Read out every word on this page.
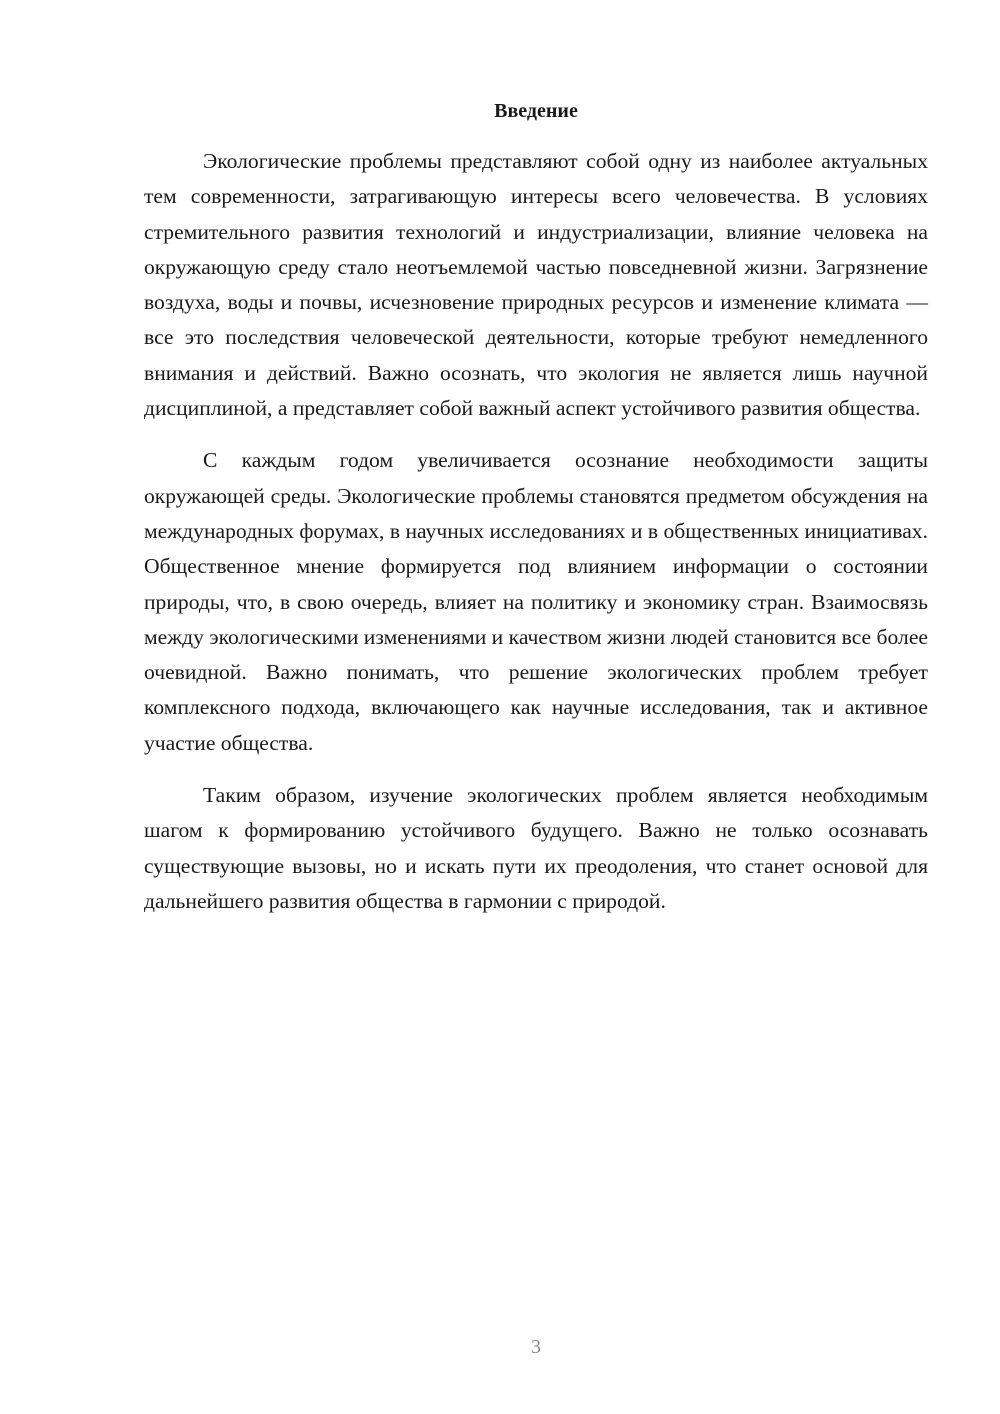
Введение

Экологические проблемы представляют собой одну из наиболее актуальных тем современности, затрагивающую интересы всего человечества. В условиях стремительного развития технологий и индустриализации, влияние человека на окружающую среду стало неотъемлемой частью повседневной жизни. Загрязнение воздуха, воды и почвы, исчезновение природных ресурсов и изменение климата — все это последствия человеческой деятельности, которые требуют немедленного внимания и действий. Важно осознать, что экология не является лишь научной дисциплиной, а представляет собой важный аспект устойчивого развития общества.

С каждым годом увеличивается осознание необходимости защиты окружающей среды. Экологические проблемы становятся предметом обсуждения на международных форумах, в научных исследованиях и в общественных инициативах. Общественное мнение формируется под влиянием информации о состоянии природы, что, в свою очередь, влияет на политику и экономику стран. Взаимосвязь между экологическими изменениями и качеством жизни людей становится все более очевидной. Важно понимать, что решение экологических проблем требует комплексного подхода, включающего как научные исследования, так и активное участие общества.

Таким образом, изучение экологических проблем является необходимым шагом к формированию устойчивого будущего. Важно не только осознавать существующие вызовы, но и искать пути их преодоления, что станет основой для дальнейшего развития общества в гармонии с природой.

3
